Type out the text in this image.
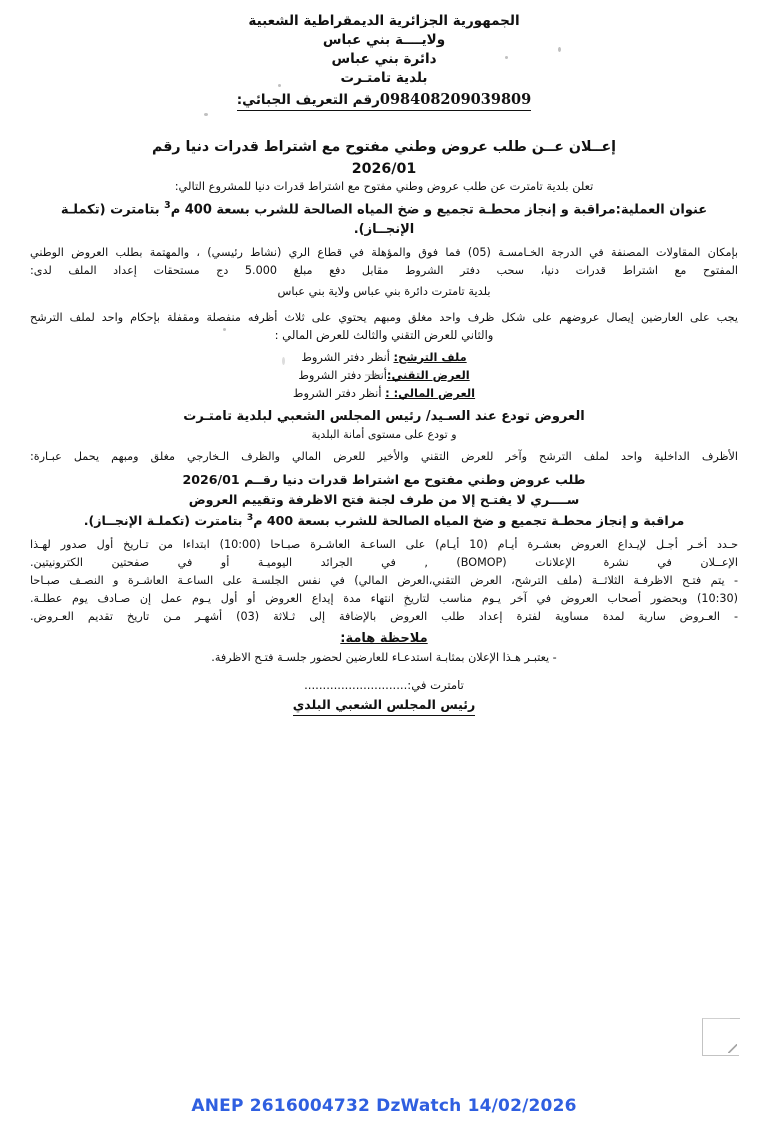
الجمهورية الجزائرية الديمقراطية الشعبية
ولايــــة بني عباس
دائرة بني عباس
بلدية تامتـرت
098408209039809رقم التعريف الجبائي:
إعــلان عــن طلب عروض وطني مفتوح مع اشتراط قدرات دنيا رقم
2026/01

تعلن بلدية تامترت عن طلب عروض وطني مفتوح مع اشتراط قدرات دنيا للمشروع التالي:

عنوان العملية:مراقبة و إنجاز محطـة تجميع و ضخ المياه الصالحة للشرب بسعة 400 م$^3$ بتامترت (تكملـة الإنجــاز).

بإمكان المقاولات المصنفة في الدرجة الخـامسـة (05) فما فوق والمؤهلة في قطاع الري (نشاط رئيسي) ، والمهتمة بطلب العروض الوطني

المفتوح مع اشتراط قدرات دنيا، سحب دفتر الشروط مقابل دفع مبلغ 5.000 دج مستحقات إعداد الملف لدى:

بلدية تامترت دائرة بني عباس ولاية بني عباس

يجب على العارضين إيصال عروضهم على شكل ظرف واحد مغلق ومبهم يحتوي على ثلاث أظرفه منفصلة ومقفلة بإحكام واحد لملف الترشح

والثاني للعرض التقني والثالث للعرض المالي :

ملف الترشح: أنظر دفتر الشروط

العرض التقني:أنظر دفتر الشروط

العرض المالي: : أنظر دفتر الشروط

العروض تودع عند السـيد/ رئيس المجلس الشعبي لبلدية تامتـرت

و تودع على مستوى أمانة البلدية

الأظرف الداخلية واحد لملف الترشح وآخر للعرض التقني والأخير للعرض المالي والظرف الـخارجي مغلق ومبهم يحمل عبـارة:

طلب عروض وطني مفتوح مع اشتراط قدرات دنيا رقــم 2026/01

ســــري لا يفتـح إلا من طرف لجنة فتح الاظرفة وتقييم العروض

مراقبة و إنجاز محطـة تجميع و ضخ المياه الصالحة للشرب بسعة 400 م$^3$ بتامترت (تكملـة الإنجــاز).

حـدد أخـر أجـل لإيـداع العروض بعشـرة أيـام (10 أيـام) على الساعـة العاشـرة صبـاحا (10:00) ابتداءا من تـاريخ أول صدور لهـذا

الإعــلان في نشرة الإعلانات (BOMOP) , في الجرائد اليوميـة أو في صفحتين الكترونيتين.

- يتم فتـح الاظرفـة الثلاثــة (ملف الترشح، العرض التقني،العرض المالي) في نفس الجلسـة على الساعـة العاشـرة و النصـف صبـاحا

(10:30) وبحضور أصحاب العروض في آخر يـوم مناسب لتاريخ انتهاء مدة إيداع العروض أو أول يـوم عمل إن صـادف يوم عطلـة.

- العـروض سارية لمدة مساوية لفترة إعداد طلب العروض بالإضافة إلى ثـلاثة (03) أشهـر مـن تاريخ تقديم العـروض.

ملاحظة هامة:

- يعتبـر هـذا الإعلان بمثابـة استدعـاء للعارضين لحضور جلسـة فتـح الاظرفة.

تامترت في:............................
رئيس المجلس الشعبي البلدي
ANEP 2616004732 DzWatch 14/02/2026
